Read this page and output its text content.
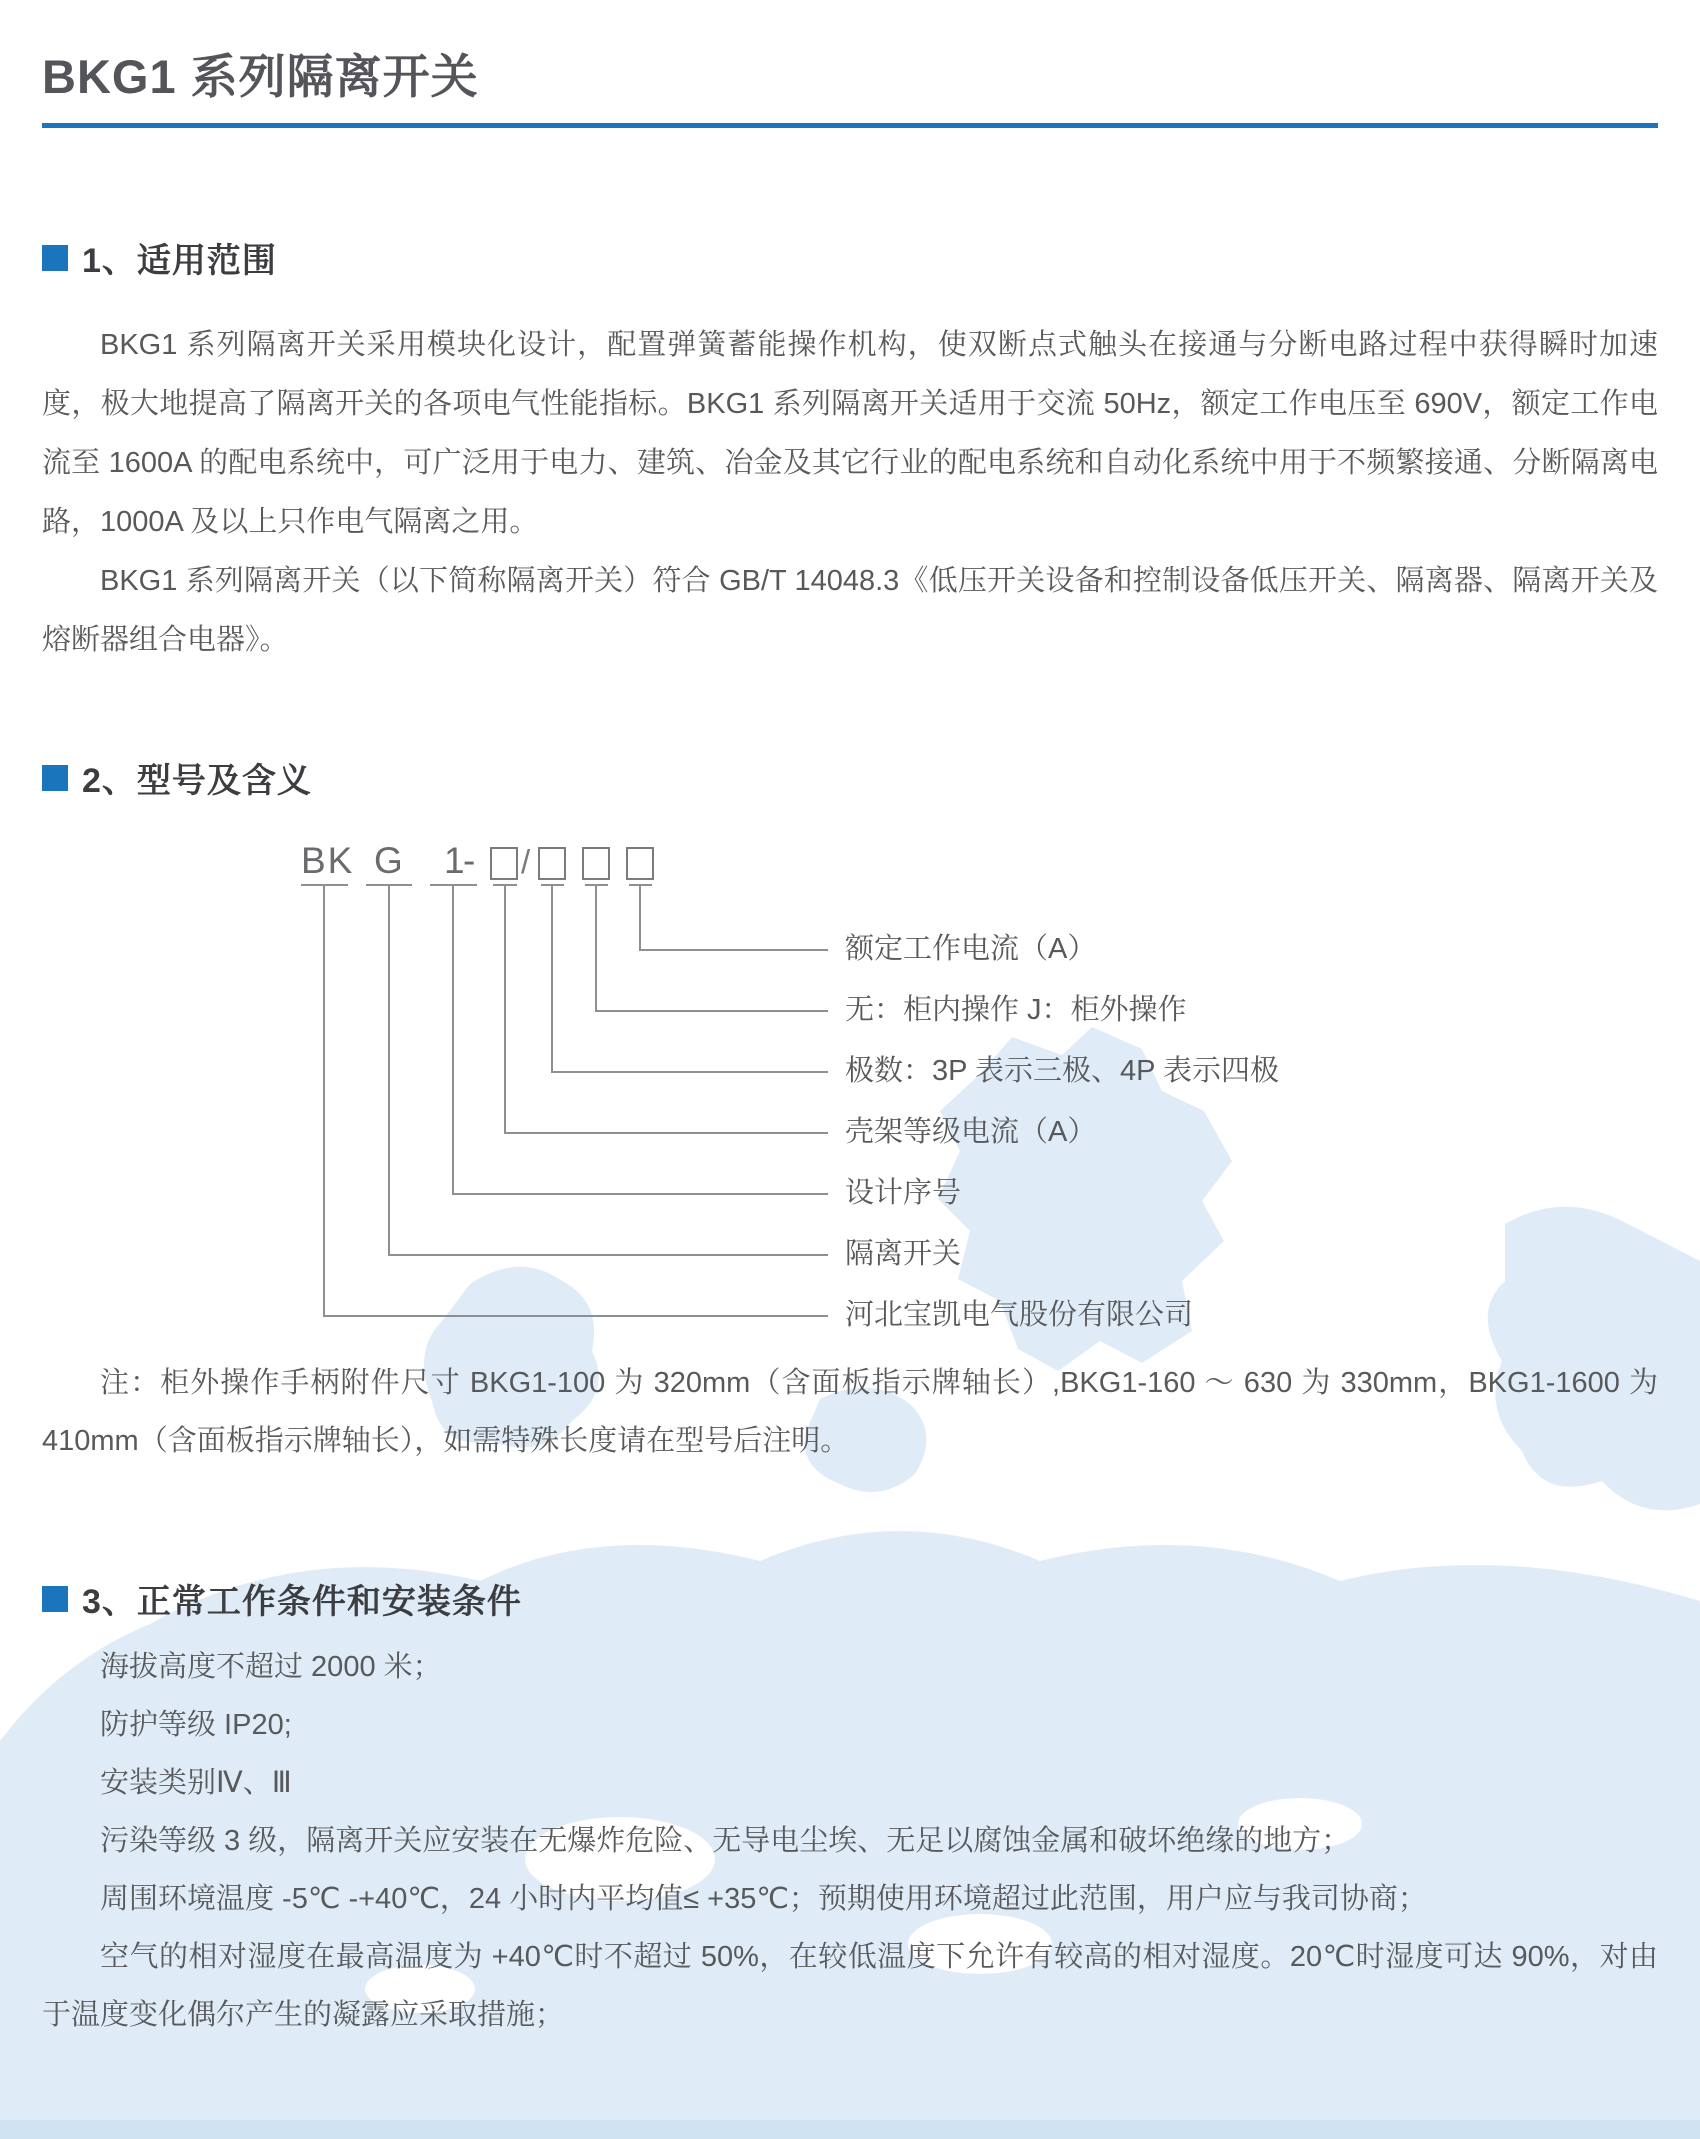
BKG1 系列隔离开关
1、适用范围

BKG1 系列隔离开关采用模块化设计，配置弹簧蓄能操作机构，使双断点式触头在接通与分断电路过程中获得瞬时加速度，极大地提高了隔离开关的各项电气性能指标。BKG1 系列隔离开关适用于交流 50Hz，额定工作电压至 690V，额定工作电流至 1600A 的配电系统中，可广泛用于电力、建筑、冶金及其它行业的配电系统和自动化系统中用于不频繁接通、分断隔离电路，1000A 及以上只作电气隔离之用。

BKG1 系列隔离开关（以下简称隔离开关）符合 GB/T 14048.3《低压开关设备和控制设备低压开关、隔离器、隔离开关及熔断器组合电器》。

2、型号及含义
BK G 1
- /
额定工作电流（A）
无：柜内操作 J：柜外操作
极数：3P 表示三极、4P 表示四极
壳架等级电流（A）
设计序号
隔离开关
河北宝凯电气股份有限公司

注：柜外操作手柄附件尺寸 BKG1-100 为 320mm（含面板指示牌轴长）,BKG1-160 ～ 630 为 330mm，BKG1-1600 为 410mm（含面板指示牌轴长），如需特殊长度请在型号后注明。

3、正常工作条件和安装条件

海拔高度不超过 2000 米；

防护等级 IP20;

安装类别Ⅳ、Ⅲ

污染等级 3 级，隔离开关应安装在无爆炸危险、无导电尘埃、无足以腐蚀金属和破坏绝缘的地方；

周围环境温度 -5℃ -+40℃，24 小时内平均值≤ +35℃；预期使用环境超过此范围，用户应与我司协商；

空气的相对湿度在最高温度为 +40℃时不超过 50%，在较低温度下允许有较高的相对湿度。20℃时湿度可达 90%，对由于温度变化偶尔产生的凝露应采取措施；
